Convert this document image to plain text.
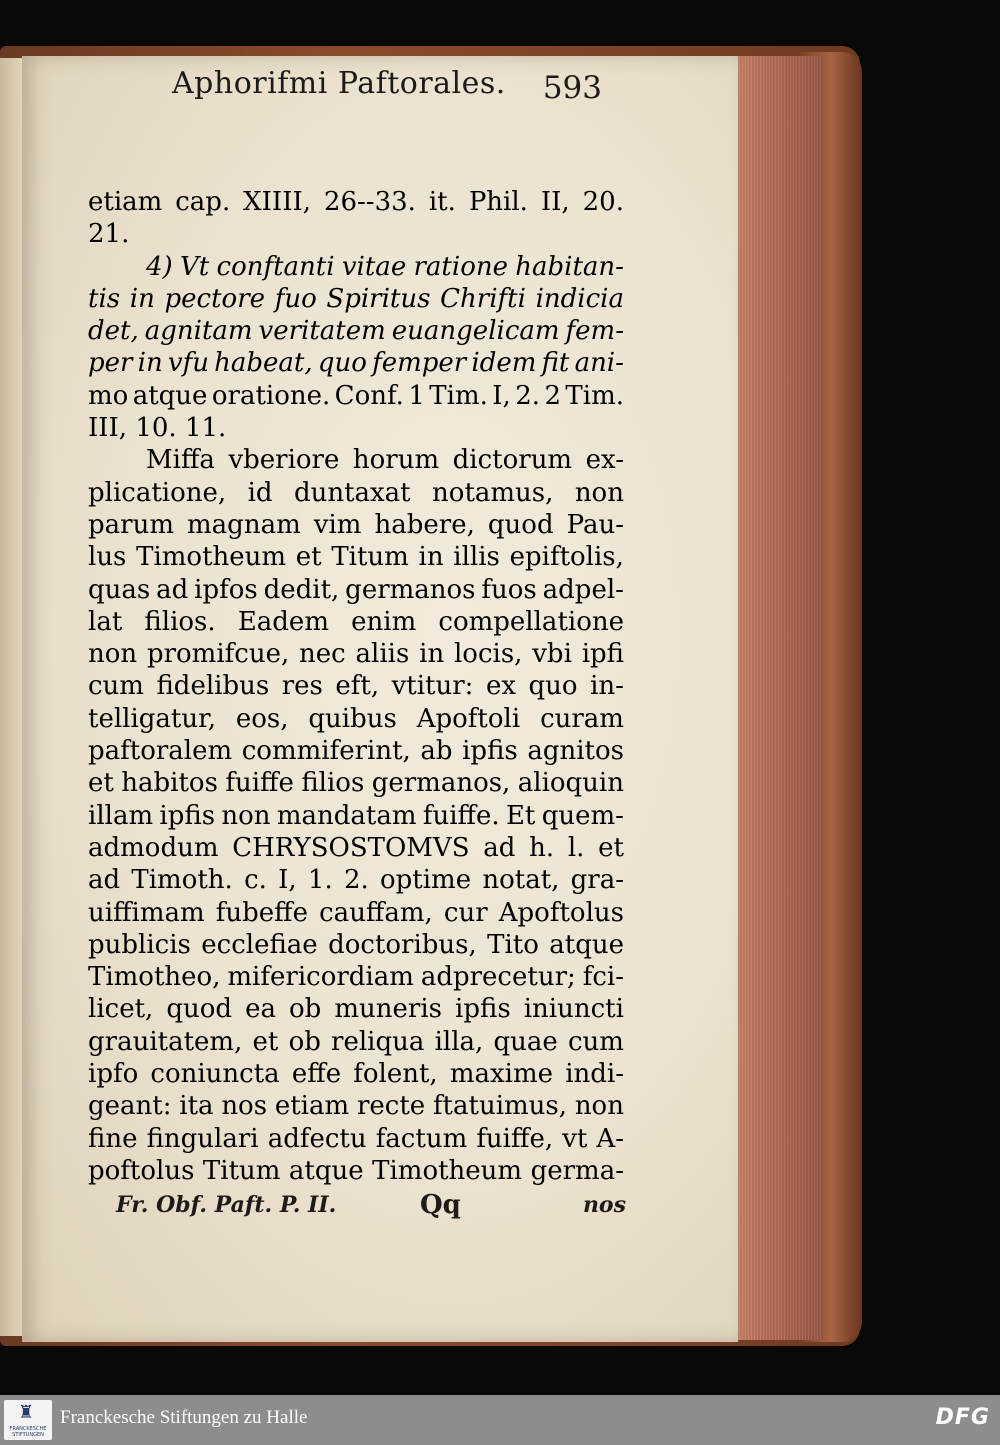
Aphorifmi Paftorales. 593
etiam cap. XIIII, 26--33. it. Phil. II, 20.
21.
4) Vt conftanti vitae ratione habitan-
tis in pectore fuo Spiritus Chrifti indicia
det, agnitam veritatem euangelicam fem-
per in vfu habeat, quo femper idem fit ani-
mo atque oratione. Conf. 1 Tim. I, 2. 2 Tim.
III, 10. 11.
Miffa vberiore horum dictorum ex-
plicatione, id duntaxat notamus, non
parum magnam vim habere, quod Pau-
lus Timotheum et Titum in illis epiftolis,
quas ad ipfos dedit, germanos fuos adpel-
lat filios. Eadem enim compellatione
non promifcue, nec aliis in locis, vbi ipfi
cum fidelibus res eft, vtitur: ex quo in-
telligatur, eos, quibus Apoftoli curam
paftoralem commiferint, ab ipfis agnitos
et habitos fuiffe filios germanos, alioquin
illam ipfis non mandatam fuiffe. Et quem-
admodum CHRYSOSTOMVS ad h. l. et
ad Timoth. c. I, 1. 2. optime notat, gra-
uiffimam fubeffe cauffam, cur Apoftolus
publicis ecclefiae doctoribus, Tito atque
Timotheo, mifericordiam adprecetur; fci-
licet, quod ea ob muneris ipfis iniuncti
grauitatem, et ob reliqua illa, quae cum
ipfo coniuncta effe folent, maxime indi-
geant: ita nos etiam recte ftatuimus, non
fine fingulari adfectu factum fuiffe, vt A-
poftolus Titum atque Timotheum germa-
Fr. Obf. Paft. P. II.	Qq	nos
♜
FRANCKESCHE
STIFTUNGEN
Franckesche Stiftungen zu Halle	DFG
